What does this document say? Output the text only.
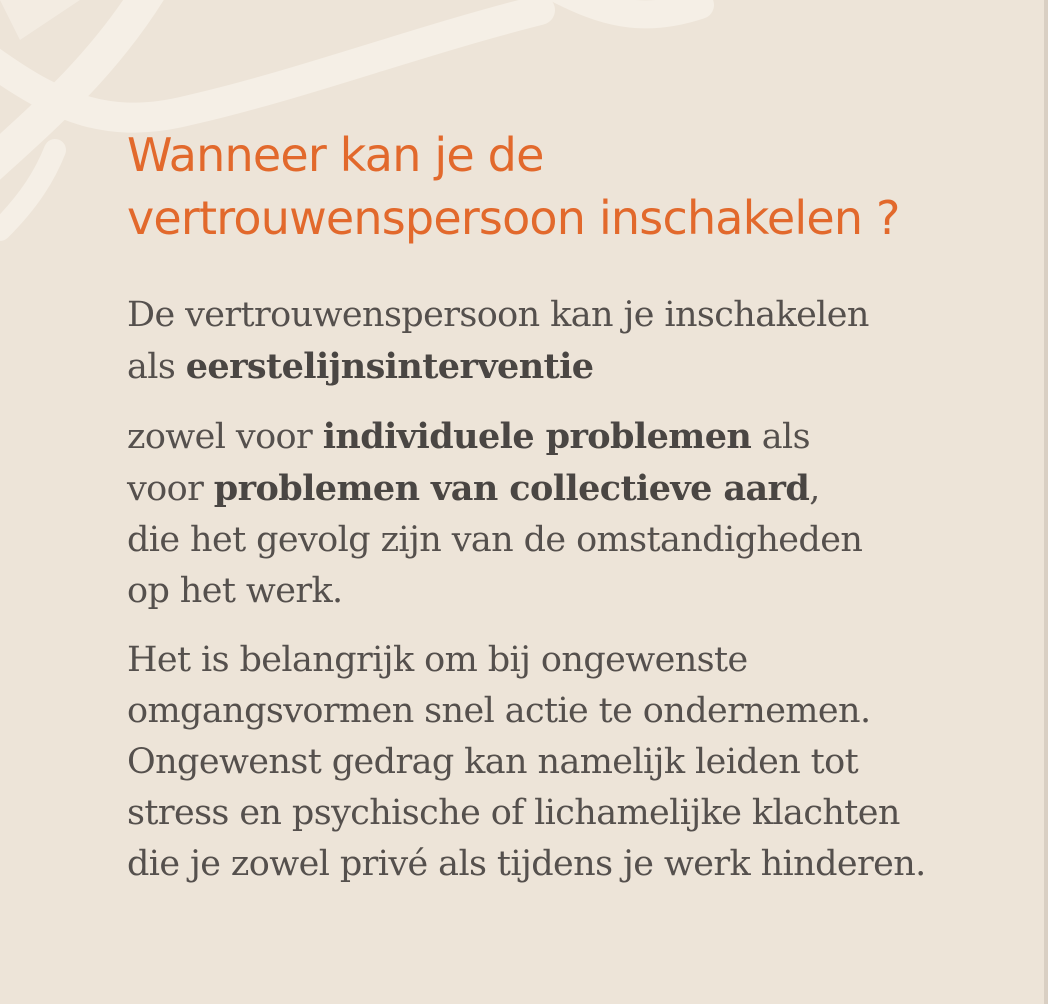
Wanneer kan je de
vertrouwenspersoon inschakelen ?

De vertrouwenspersoon kan je inschakelen
als eerstelijnsinterventie

zowel voor individuele problemen als
voor problemen van collectieve aard,
die het gevolg zijn van de omstandigheden
op het werk.

Het is belangrijk om bij ongewenste
omgangsvormen snel actie te ondernemen.
Ongewenst gedrag kan namelijk leiden tot
stress en psychische of lichamelijke klachten
die je zowel privé als tijdens je werk hinderen.
